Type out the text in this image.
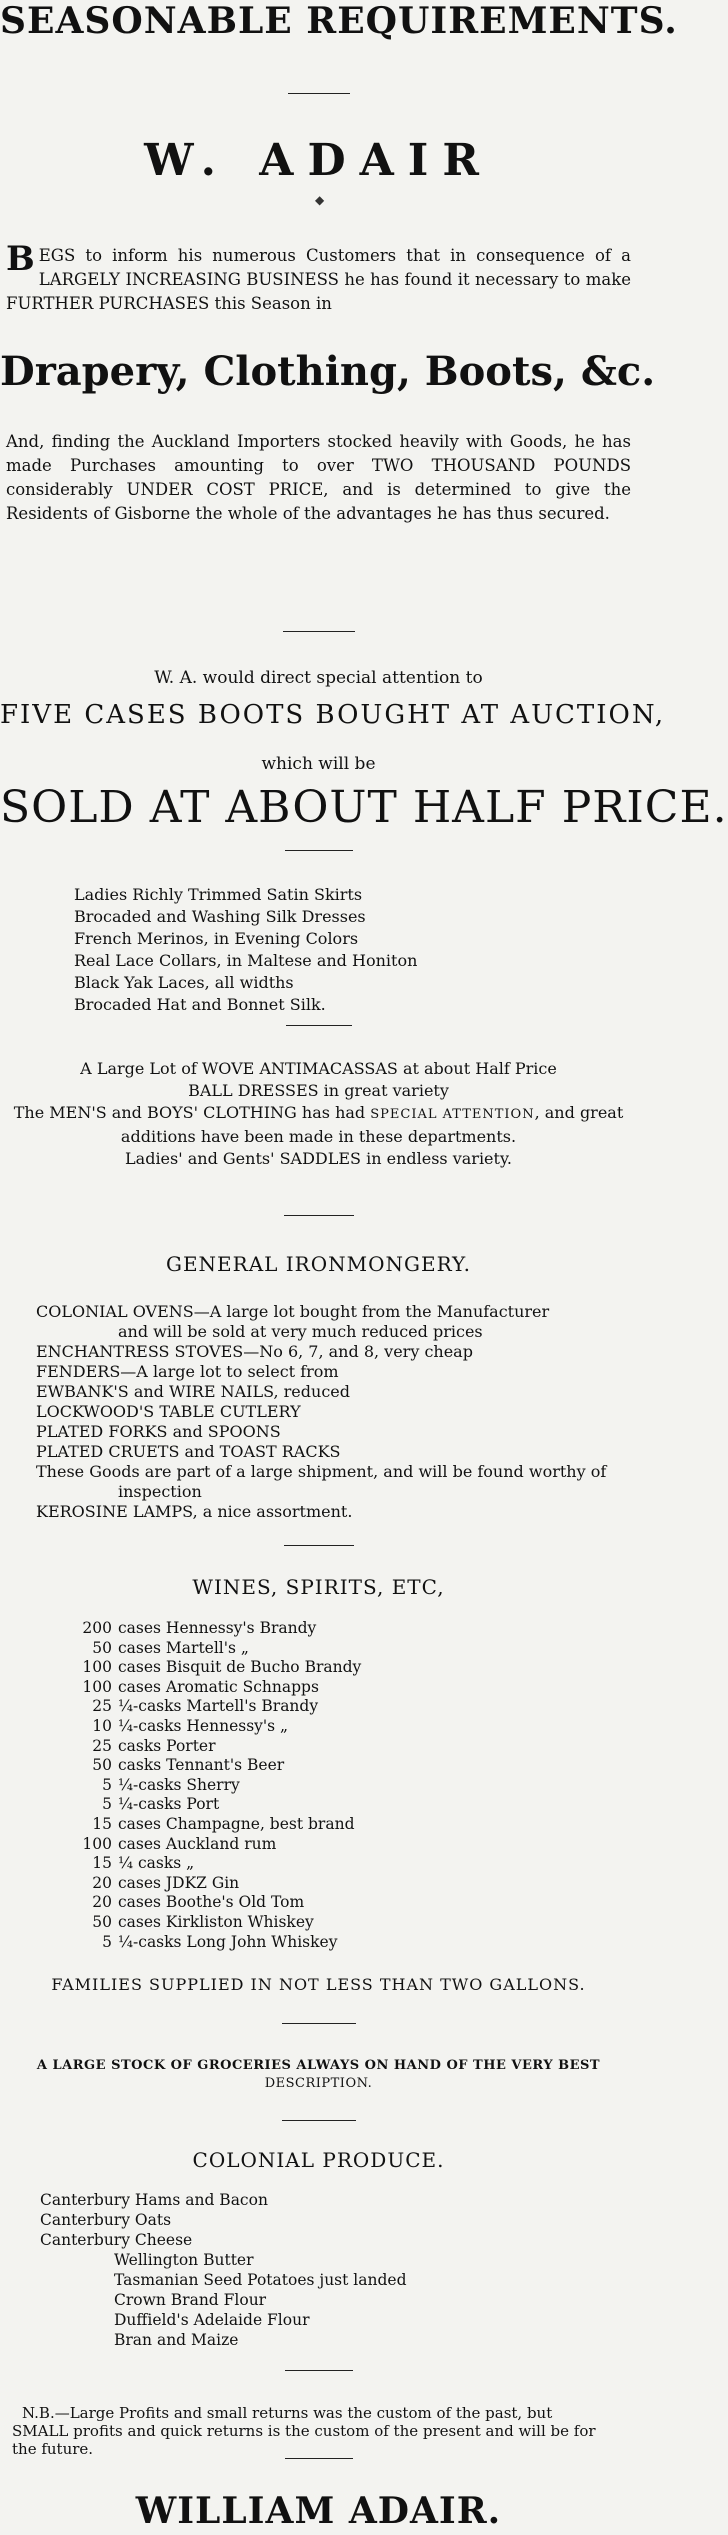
SEASONABLE REQUIREMENTS.
W. ADAIR
◆
BEGS to inform his numerous Customers that in consequence of a LARGELY INCREASING BUSINESS he has found it necessary to make FURTHER PURCHASES this Season in
Drapery, Clothing, Boots, &c.
And, finding the Auckland Importers stocked heavily with Goods, he has made Purchases amounting to over TWO THOUSAND POUNDS considerably UNDER COST PRICE, and is determined to give the Residents of Gisborne the whole of the advantages he has thus secured.
W. A. would direct special attention to
FIVE CASES BOOTS BOUGHT AT AUCTION,
which will be
SOLD AT ABOUT HALF PRICE.
Ladies Richly Trimmed Satin Skirts
Brocaded and Washing Silk Dresses
French Merinos, in Evening Colors
Real Lace Collars, in Maltese and Honiton
Black Yak Laces, all widths
Brocaded Hat and Bonnet Silk.
A Large Lot of WOVE ANTIMACASSAS at about Half Price
BALL DRESSES in great variety
The MEN'S and BOYS' CLOTHING has had SPECIAL ATTENTION, and great
additions have been made in these departments.
Ladies' and Gents' SADDLES in endless variety.
GENERAL IRONMONGERY.
COLONIAL OVENS—A large lot bought from the Manufacturer
and will be sold at very much reduced prices
ENCHANTRESS STOVES—No 6, 7, and 8, very cheap
FENDERS—A large lot to select from
EWBANK'S and WIRE NAILS, reduced
LOCKWOOD'S TABLE CUTLERY
PLATED FORKS and SPOONS
PLATED CRUETS and TOAST RACKS
These Goods are part of a large shipment, and will be found worthy of
inspection
KEROSINE LAMPS, a nice assortment.
WINES, SPIRITS, ETC,
200 cases Hennessy's Brandy
50 cases Martell's „
100 cases Bisquit de Bucho Brandy
100 cases Aromatic Schnapps
25 ¼-casks Martell's Brandy
10 ¼-casks Hennessy's „
25 casks Porter
50 casks Tennant's Beer
5 ¼-casks Sherry
5 ¼-casks Port
15 cases Champagne, best brand
100 cases Auckland rum
15 ¼ casks „
20 cases JDKZ Gin
20 cases Boothe's Old Tom
50 cases Kirkliston Whiskey
5 ¼-casks Long John Whiskey
FAMILIES SUPPLIED IN NOT LESS THAN TWO GALLONS.
A LARGE STOCK OF GROCERIES ALWAYS ON HAND OF THE VERY BEST
DESCRIPTION.
COLONIAL PRODUCE.
Canterbury Hams and Bacon
Canterbury Oats
Canterbury Cheese
Wellington Butter
Tasmanian Seed Potatoes just landed
Crown Brand Flour
Duffield's Adelaide Flour
Bran and Maize
N.B.—Large Profits and small returns was the custom of the past, but
SMALL profits and quick returns is the custom of the present and will be for
the future.
WILLIAM ADAIR.
